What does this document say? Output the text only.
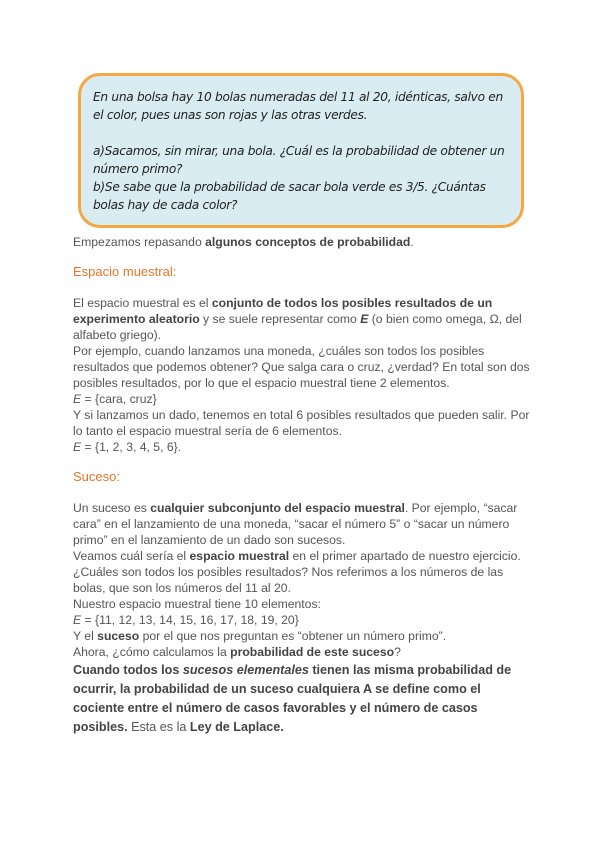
En una bolsa hay 10 bolas numeradas del 11 al 20, idénticas, salvo en el color, pues unas son rojas y las otras verdes.

a)Sacamos, sin mirar, una bola. ¿Cuál es la probabilidad de obtener un número primo?

b)Se sabe que la probabilidad de sacar bola verde es 3/5. ¿Cuántas bolas hay de cada color?

Empezamos repasando algunos conceptos de probabilidad.

Espacio muestral:

El espacio muestral es el conjunto de todos los posibles resultados de un experimento aleatorio y se suele representar como E (o bien como omega, Ω, del alfabeto griego).

Por ejemplo, cuando lanzamos una moneda, ¿cuáles son todos los posibles resultados que podemos obtener? Que salga cara o cruz, ¿verdad? En total son dos posibles resultados, por lo que el espacio muestral tiene 2 elementos.

E = {cara, cruz}

Y si lanzamos un dado, tenemos en total 6 posibles resultados que pueden salir. Por lo tanto el espacio muestral sería de 6 elementos.

E = {1, 2, 3, 4, 5, 6}.

Suceso:

Un suceso es cualquier subconjunto del espacio muestral. Por ejemplo, “sacar cara” en el lanzamiento de una moneda, “sacar el número 5” o “sacar un número primo” en el lanzamiento de un dado son sucesos.

Veamos cuál sería el espacio muestral en el primer apartado de nuestro ejercicio. ¿Cuáles son todos los posibles resultados? Nos referimos a los números de las bolas, que son los números del 11 al 20.

Nuestro espacio muestral tiene 10 elementos:

E = {11, 12, 13, 14, 15, 16, 17, 18, 19, 20}

Y el suceso por el que nos preguntan es “obtener un número primo”.

Ahora, ¿cómo calculamos la probabilidad de este suceso?

Cuando todos los sucesos elementales tienen las misma probabilidad de ocurrir, la probabilidad de un suceso cualquiera A se define como el cociente entre el número de casos favorables y el número de casos posibles. Esta es la Ley de Laplace.
